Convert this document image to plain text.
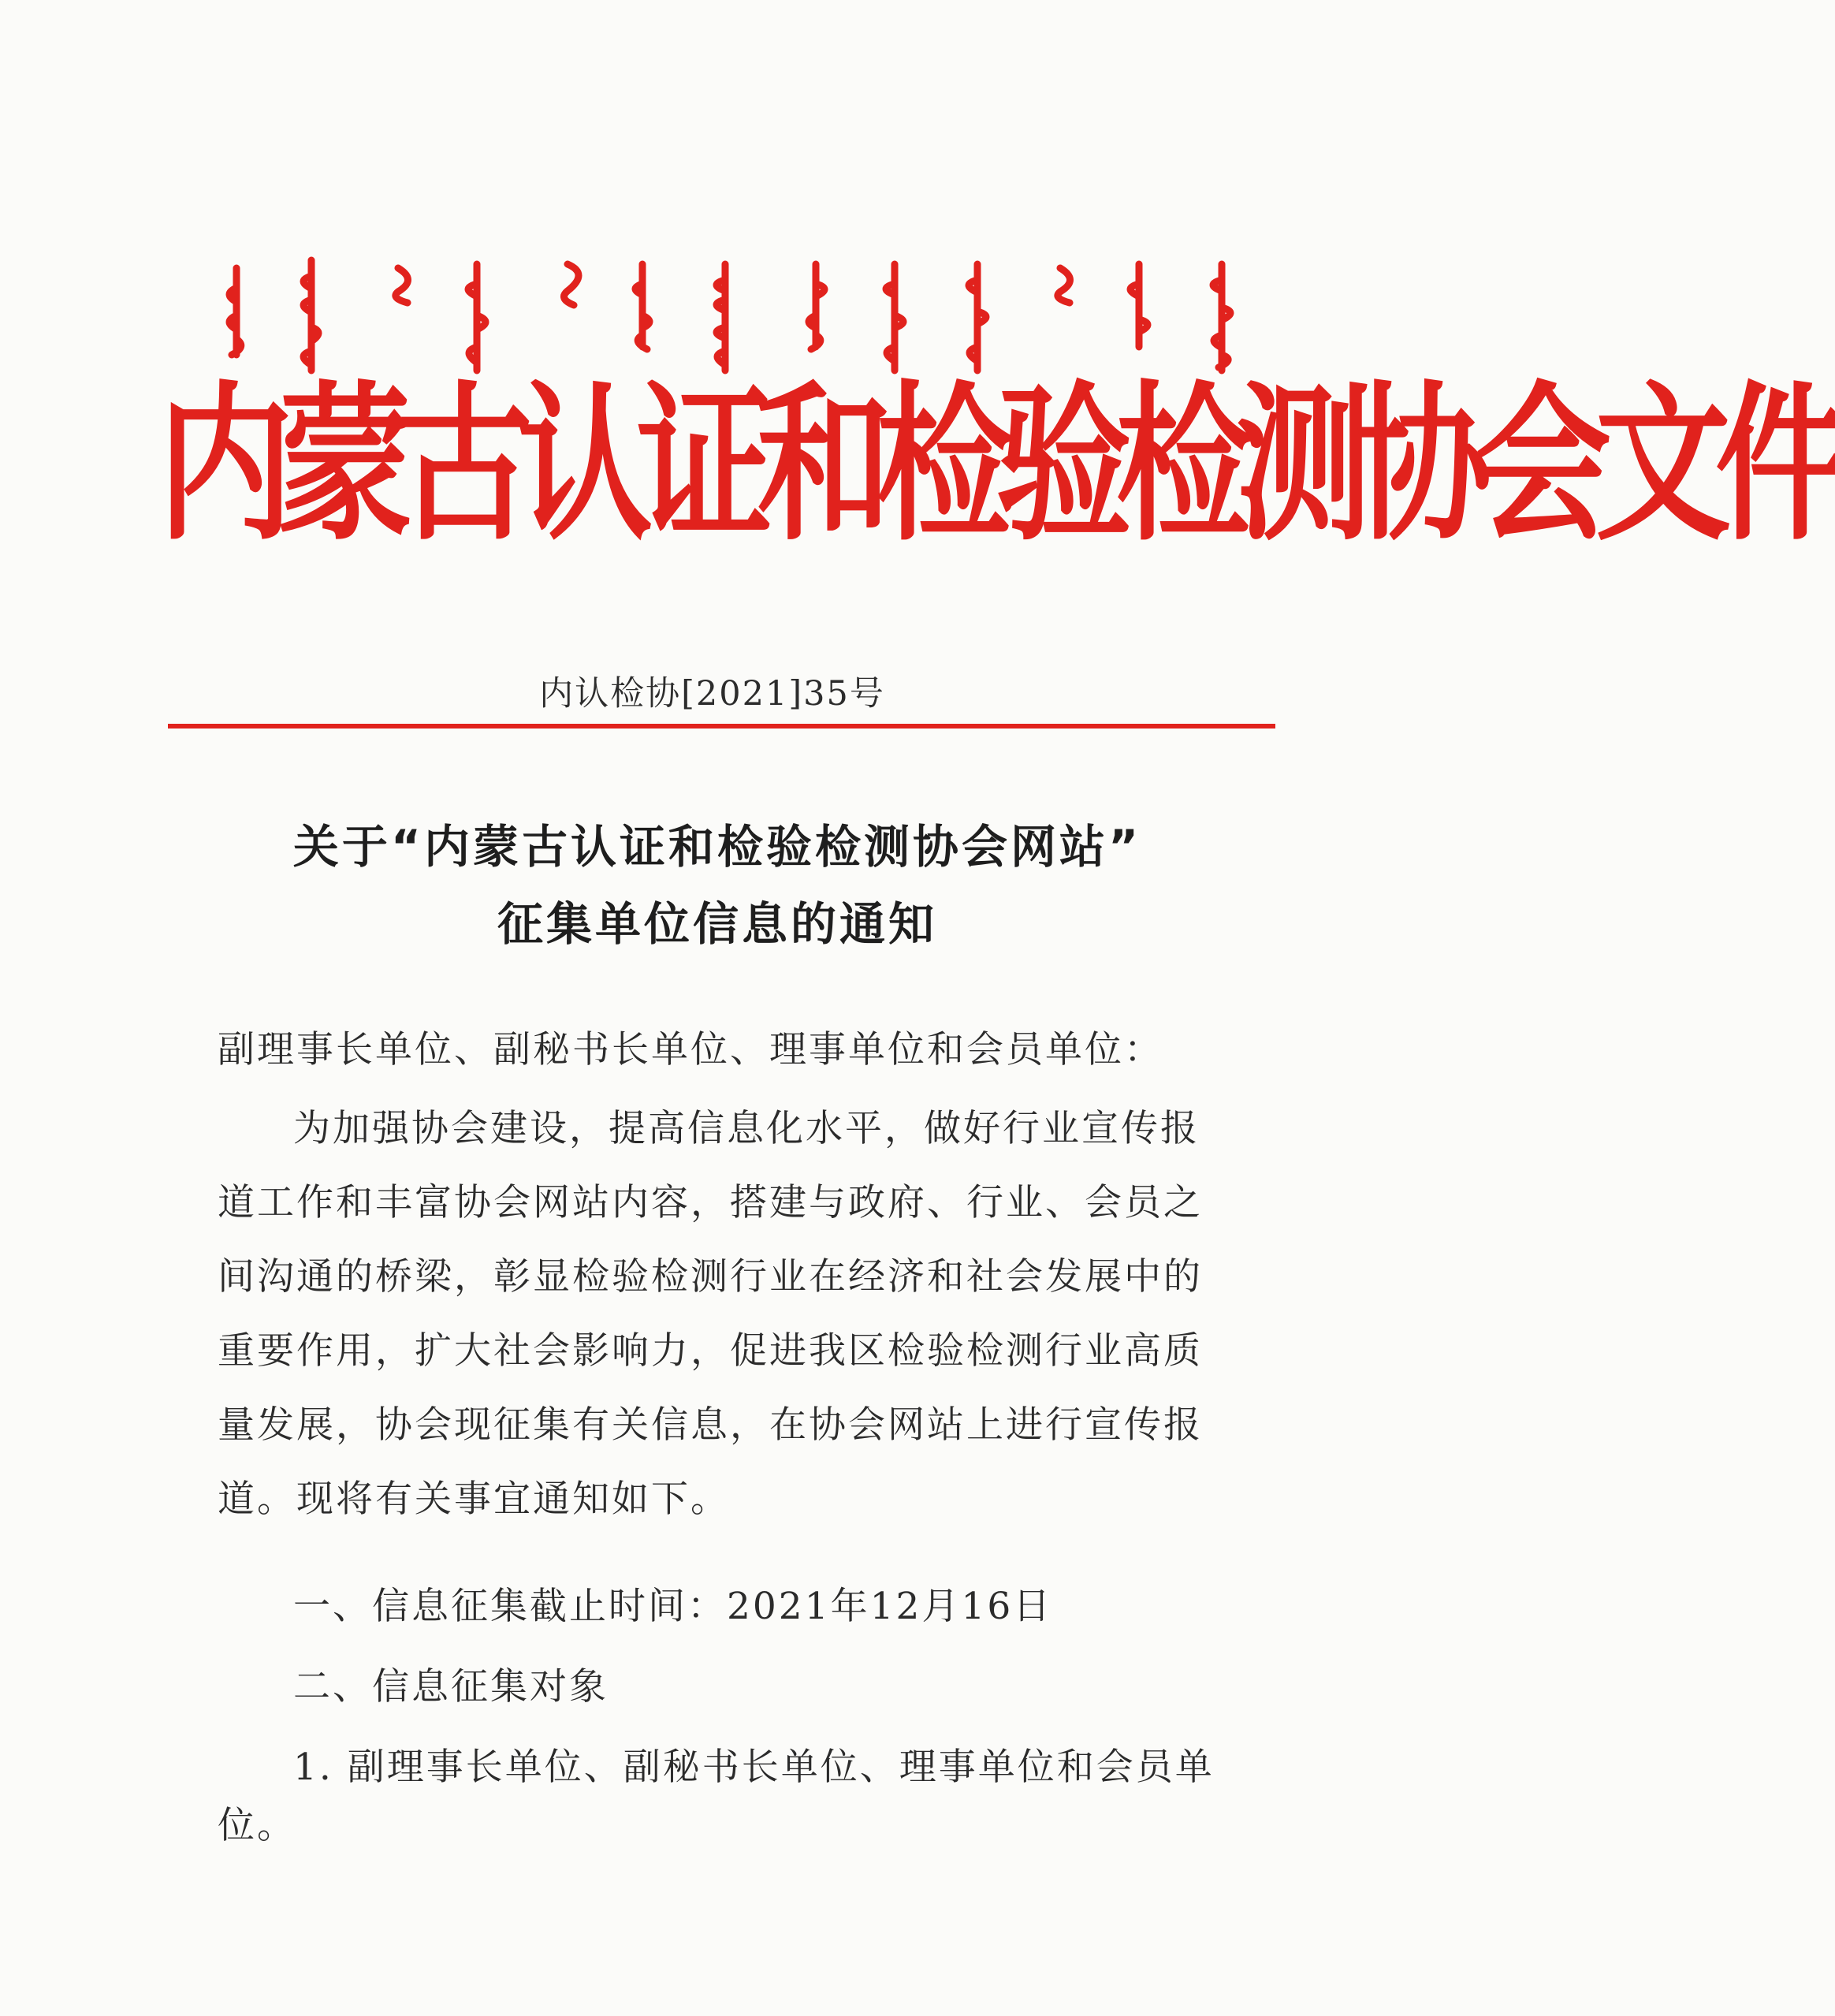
内蒙古认证和检验检测协会文件
内认检协[2021]35号
关于“内蒙古认证和检验检测协会网站”
征集单位信息的通知
副理事长单位、副秘书长单位、理事单位和会员单位：
为加强协会建设，提高信息化水平，做好行业宣传报
道工作和丰富协会网站内容，搭建与政府、行业、会员之
间沟通的桥梁，彰显检验检测行业在经济和社会发展中的
重要作用，扩大社会影响力，促进我区检验检测行业高质
量发展，协会现征集有关信息，在协会网站上进行宣传报
道。现将有关事宜通知如下。
一、信息征集截止时间：2021年12月16日
二、信息征集对象
1. 副理事长单位、副秘书长单位、理事单位和会员单
位。
